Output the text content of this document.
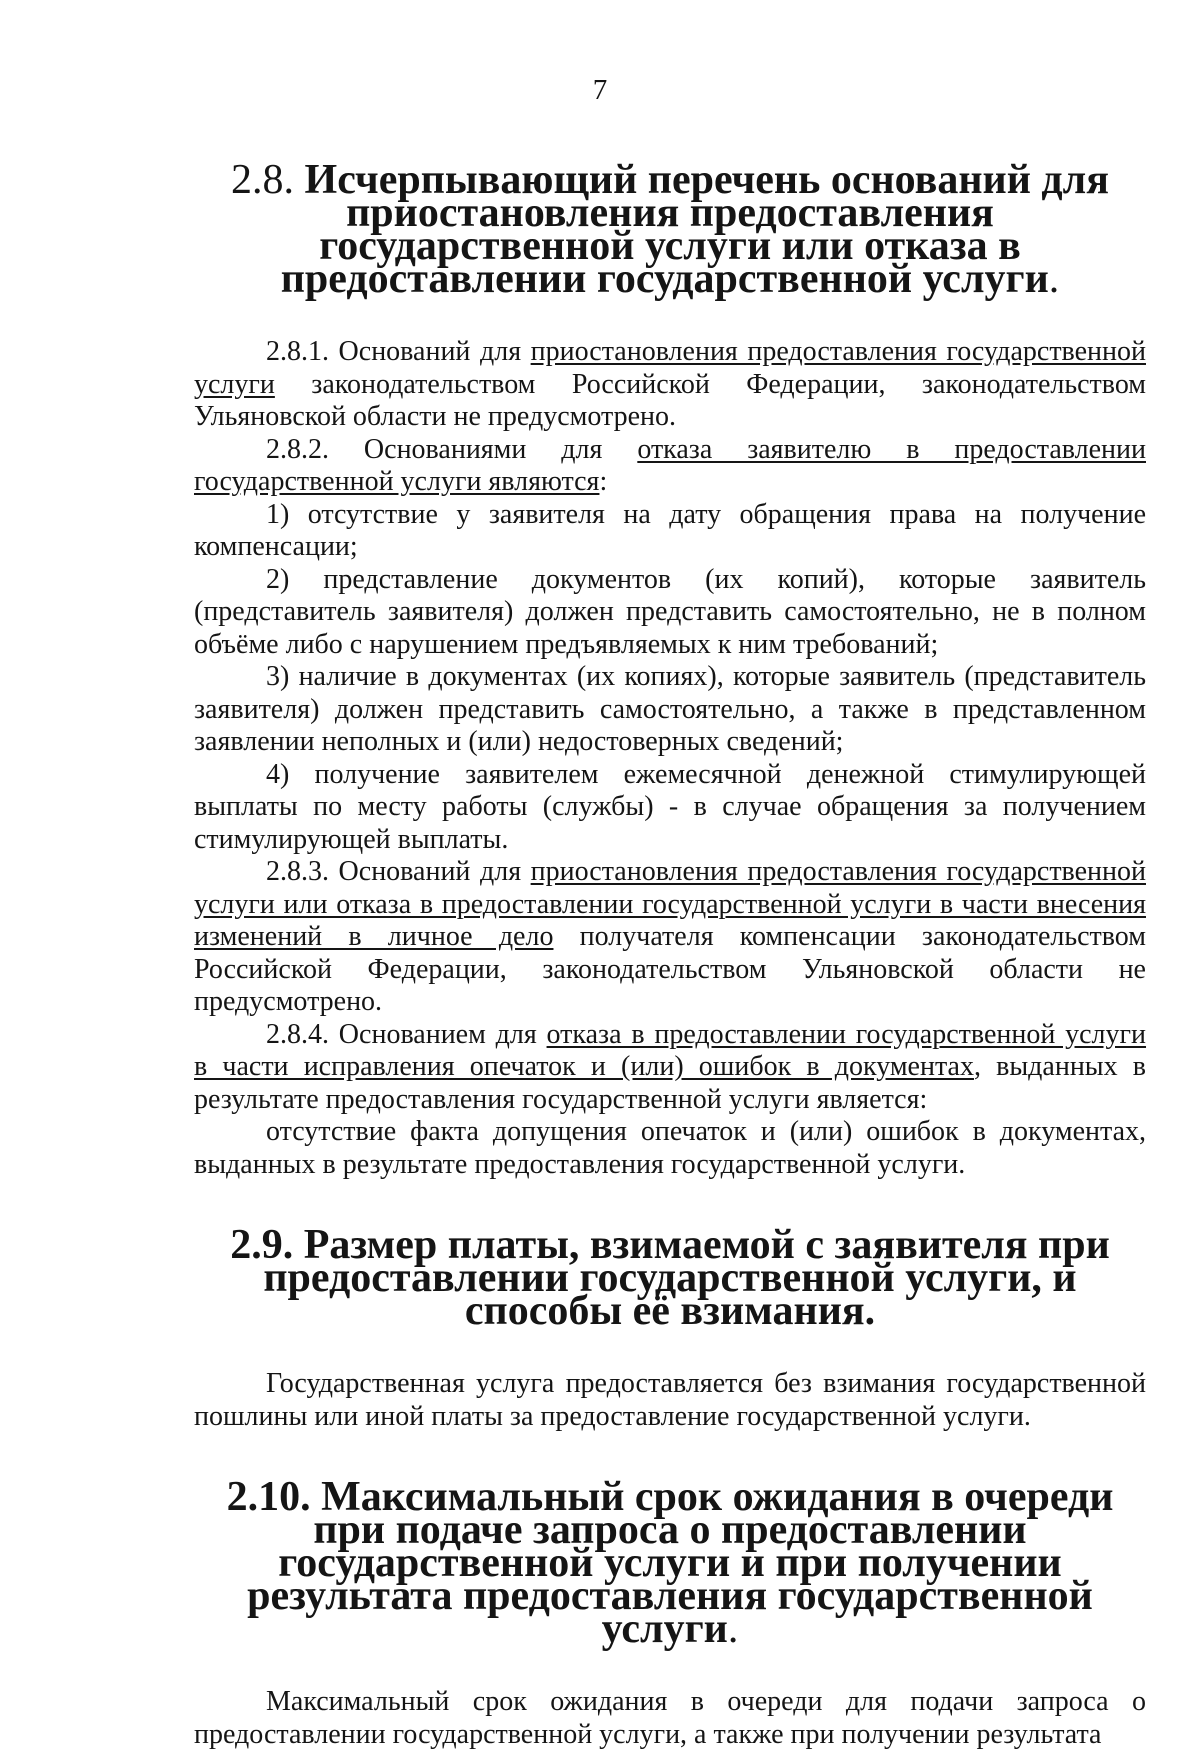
7
2.8. Исчерпывающий перечень оснований для приостановления предоставления государственной услуги или отказа в предоставлении государственной услуги.

2.8.1. Оснований для приостановления предоставления государственной услуги законодательством Российской Федерации, законодательством Ульяновской области не предусмотрено.

2.8.2. Основаниями для отказа заявителю в предоставлении государственной услуги являются:

1) отсутствие у заявителя на дату обращения права на получение компенсации;

2) представление документов (их копий), которые заявитель (представитель заявителя) должен представить самостоятельно, не в полном объёме либо с нарушением предъявляемых к ним требований;

3) наличие в документах (их копиях), которые заявитель (представитель заявителя) должен представить самостоятельно, а также в представленном заявлении неполных и (или) недостоверных сведений;

4) получение заявителем ежемесячной денежной стимулирующей выплаты по месту работы (службы) - в случае обращения за получением стимулирующей выплаты.

2.8.3. Оснований для приостановления предоставления государственной услуги или отказа в предоставлении государственной услуги в части внесения изменений в личное дело получателя компенсации законодательством Российской Федерации, законодательством Ульяновской области не предусмотрено.

2.8.4. Основанием для отказа в предоставлении государственной услуги в части исправления опечаток и (или) ошибок в документах, выданных в результате предоставления государственной услуги является:

отсутствие факта допущения опечаток и (или) ошибок в документах, выданных в результате предоставления государственной услуги.

2.9. Размер платы, взимаемой с заявителя при предоставлении государственной услуги, и способы её взимания.

Государственная услуга предоставляется без взимания государственной пошлины или иной платы за предоставление государственной услуги.

2.10. Максимальный срок ожидания в очереди при подаче запроса о предоставлении государственной услуги и при получении результата предоставления государственной услуги.

Максимальный срок ожидания в очереди для подачи запроса о предоставлении государственной услуги, а также при получении результата
